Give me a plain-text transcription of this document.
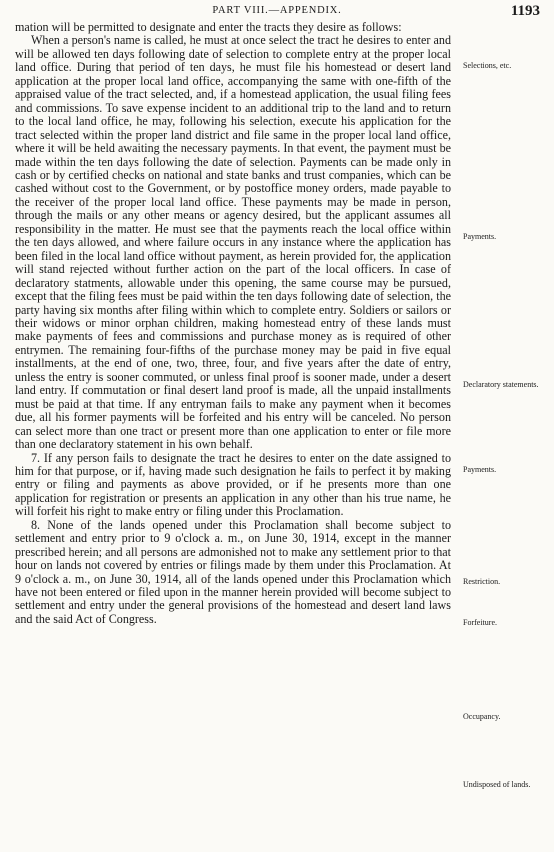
PART VIII.—APPENDIX.	1193

mation will be permitted to designate and enter the tracts they desire as follows:

When a person's name is called, he must at once select the tract he desires to enter and will be allowed ten days following date of selection to complete entry at the proper local land office. During that period of ten days, he must file his homestead or desert land application at the proper local land office, accompanying the same with one-fifth of the appraised value of the tract selected, and, if a homestead application, the usual filing fees and commissions. To save expense incident to an additional trip to the land and to return to the local land office, he may, following his selection, execute his application for the tract selected within the proper land district and file same in the proper local land office, where it will be held awaiting the necessary payments. In that event, the payment must be made within the ten days following the date of selection. Payments can be made only in cash or by certified checks on national and state banks and trust companies, which can be cashed without cost to the Government, or by postoffice money orders, made payable to the receiver of the proper local land office. These payments may be made in person, through the mails or any other means or agency desired, but the applicant assumes all responsibility in the matter. He must see that the payments reach the local office within the ten days allowed, and where failure occurs in any instance where the application has been filed in the local land office without payment, as herein provided for, the application will stand rejected without further action on the part of the local officers. In case of declaratory statments, allowable under this opening, the same course may be pursued, except that the filing fees must be paid within the ten days following date of selection, the party having six months after filing within which to complete entry. Soldiers or sailors or their widows or minor orphan children, making homestead entry of these lands must make payments of fees and commissions and purchase money as is required of other entrymen. The remaining four-fifths of the purchase money may be paid in five equal installments, at the end of one, two, three, four, and five years after the date of entry, unless the entry is sooner commuted, or unless final proof is sooner made, under a desert land entry. If commutation or final desert land proof is made, all the unpaid installments must be paid at that time. If any entryman fails to make any payment when it becomes due, all his former payments will be forfeited and his entry will be canceled. No person can select more than one tract or present more than one application to enter or file more than one declaratory statement in his own behalf.

7. If any person fails to designate the tract he desires to enter on the date assigned to him for that purpose, or if, having made such designation he fails to perfect it by making entry or filing and payments as above provided, or if he presents more than one application for registration or presents an application in any other than his true name, he will forfeit his right to make entry or filing under this Proclamation.

8. None of the lands opened under this Proclamation shall become subject to settlement and entry prior to 9 o'clock a. m., on June 30, 1914, except in the manner prescribed herein; and all persons are admonished not to make any settlement prior to that hour on lands not covered by entries or filings made by them under this Proclamation. At 9 o'clock a. m., on June 30, 1914, all of the lands opened under this Proclamation which have not been entered or filed upon in the manner herein provided will become subject to settlement and entry under the general provisions of the homestead and desert land laws and the said Act of Congress.

Selections, etc.
Payments.
Declaratory statements.
Payments.
Restriction.
Forfeiture.
Occupancy.
Undisposed of lands.
